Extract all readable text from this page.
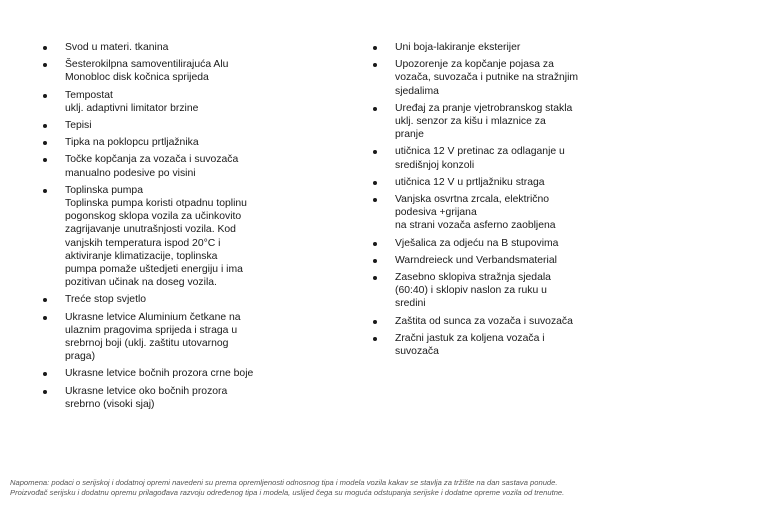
Svod u materi. tkanina
Šesterokilpna samoventilirajuća Alu
Monobloc disk kočnica sprijeda
Tempostat
uklj. adaptivni limitator brzine
Tepisi
Tipka na poklopcu prtljažnika
Točke kopčanja za vozača i suvozača
manualno podesive po visini
Toplinska pumpa
Toplinska pumpa koristi otpadnu toplinu
pogonskog sklopa vozila za učinkovito
zagrijavanje unutrašnjosti vozila. Kod
vanjskih temperatura ispod 20°C i
aktiviranje klimatizacije, toplinska
pumpa pomaže uštedjeti energiju i ima
pozitivan učinak na doseg vozila.
Treće stop svjetlo
Ukrasne letvice Aluminium četkane na
ulaznim pragovima sprijeda i straga u
srebrnoj boji (uklj. zaštitu utovarnog
praga)
Ukrasne letvice bočnih prozora crne boje
Ukrasne letvice oko bočnih prozora
srebrno (visoki sjaj)
Uni boja-lakiranje eksterijer
Upozorenje za kopčanje pojasa za
vozača, suvozača i putnike na stražnjim
sjedalima
Uređaj za pranje vjetrobranskog stakla
uklj. senzor za kišu i mlaznice za
pranje
utičnica 12 V pretinac za odlaganje u
središnjoj konzoli
utičnica 12 V u prtljažniku straga
Vanjska osvrtna zrcala, električno
podesiva +grijana
na strani vozača asferno zaobljena
Vješalica za odjeću na B stupovima
Warndreieck und Verbandsmaterial
Zasebno sklopiva stražnja sjedala
(60:40) i sklopiv naslon za ruku u
sredini
Zaštita od sunca za vozača i suvozača
Zračni jastuk za koljena vozača i
suvozača
Napomena: podaci o serijskoj i dodatnoj opremi navedeni su prema opremljenosti odnosnog tipa i modela vozila kakav se stavlja za tržište na dan sastava ponude.
Proizvođač serijsku i dodatnu opremu prilagođava razvoju određenog tipa i modela, uslijed čega su moguća odstupanja serijske i dodatne opreme vozila od trenutne.
